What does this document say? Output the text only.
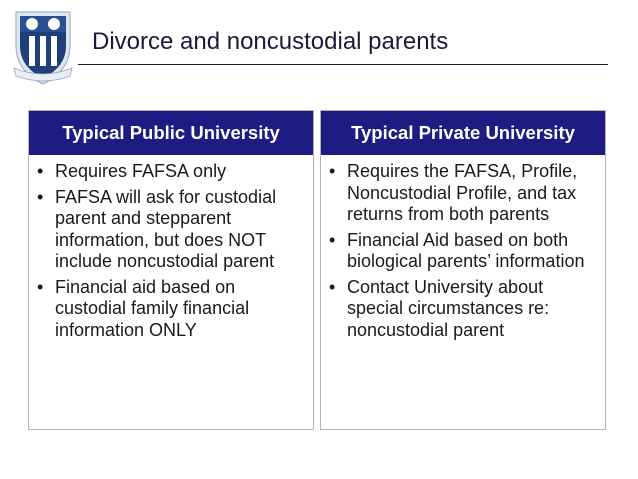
Divorce and noncustodial parents
Typical Public University
• Requires FAFSA only
• FAFSA will ask for custodial parent and stepparent information, but does NOT include noncustodial parent
• Financial aid based on custodial family financial information ONLY
Typical Private University
• Requires the FAFSA, Profile, Noncustodial Profile, and tax returns from both parents
• Financial Aid based on both biological parents’ information
• Contact University about special circumstances re: noncustodial parent
